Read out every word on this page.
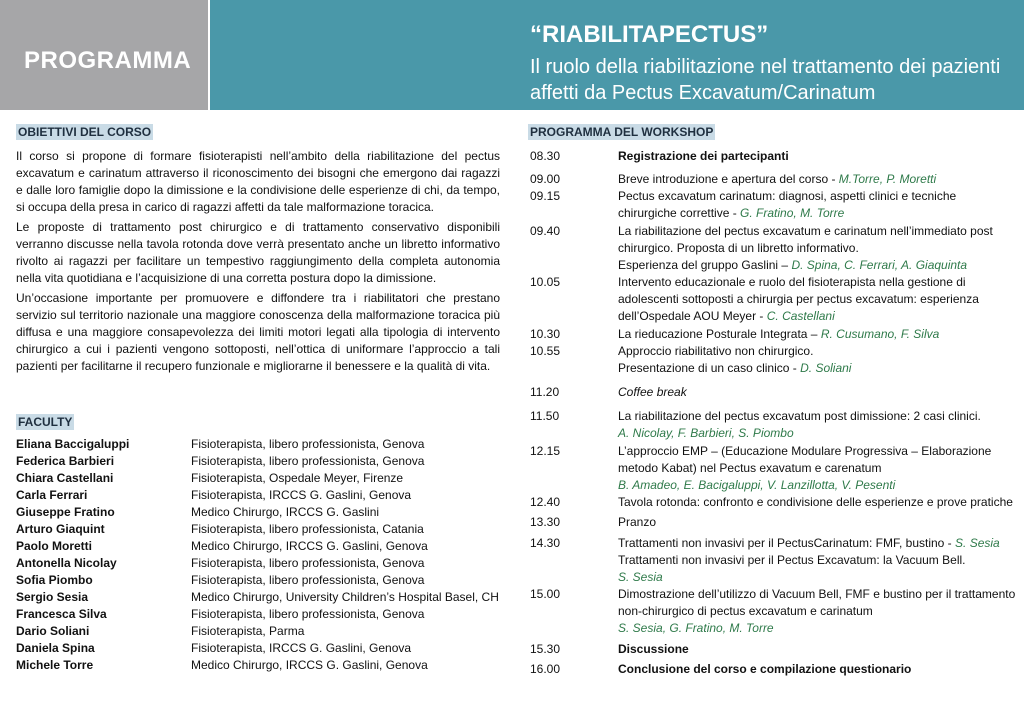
PROGRAMMA
“RIABILITAPECTUS”
Il ruolo della riabilitazione nel trattamento dei pazienti affetti da Pectus Excavatum/Carinatum
OBIETTIVI DEL CORSO

Il corso si propone di formare fisioterapisti nell’ambito della riabilitazione del pectus excavatum e carinatum attraverso il riconoscimento dei bisogni che emergono dai ragazzi e dalle loro famiglie dopo la dimissione e la condivisione delle esperienze di chi, da tempo, si occupa della presa in carico di ragazzi affetti da tale malformazione toracica.

Le proposte di trattamento post chirurgico e di trattamento conservativo disponibili verranno discusse nella tavola rotonda dove verrà presentato anche un libretto informativo rivolto ai ragazzi per facilitare un tempestivo raggiungimento della completa autonomia nella vita quotidiana e l’acquisizione di una corretta postura dopo la dimissione.

Un’occasione importante per promuovere e diffondere tra i riabilitatori che prestano servizio sul territorio nazionale una maggiore conoscenza della malformazione toracica più diffusa e una maggiore consapevolezza dei limiti motori legati alla tipologia di intervento chirurgico a cui i pazienti vengono sottoposti, nell’ottica di uniformare l’approccio a tali pazienti per facilitarne il recupero funzionale e migliorarne il benessere e la qualità di vita.

FACULTY
Eliana Baccigaluppi	Fisioterapista, libero professionista, Genova
Federica Barbieri	Fisioterapista, libero professionista, Genova
Chiara Castellani	Fisioterapista, Ospedale Meyer, Firenze
Carla Ferrari	Fisioterapista, IRCCS G. Gaslini, Genova
Giuseppe Fratino	Medico Chirurgo, IRCCS G. Gaslini
Arturo Giaquint	Fisioterapista, libero professionista, Catania
Paolo Moretti	Medico Chirurgo, IRCCS G. Gaslini, Genova
Antonella Nicolay	Fisioterapista, libero professionista, Genova
Sofia Piombo	Fisioterapista, libero professionista, Genova
Sergio Sesia	Medico Chirurgo, University Children’s Hospital Basel, CH
Francesca Silva	Fisioterapista, libero professionista, Genova
Dario Soliani	Fisioterapista, Parma
Daniela Spina	Fisioterapista, IRCCS G. Gaslini, Genova
Michele Torre	Medico Chirurgo, IRCCS G. Gaslini, Genova
PROGRAMMA DEL WORKSHOP
08.30	Registrazione dei partecipanti
09.00	Breve introduzione e apertura del corso - M.Torre, P. Moretti
09.15	Pectus excavatum carinatum: diagnosi, aspetti clinici e tecniche chirurgiche correttive - G. Fratino, M. Torre
09.40	La riabilitazione del pectus excavatum e carinatum nell’immediato post chirurgico. Proposta di un libretto informativo.
Esperienza del gruppo Gaslini – D. Spina, C. Ferrari, A. Giaquinta
10.05	Intervento educazionale e ruolo del fisioterapista nella gestione di adolescenti sottoposti a chirurgia per pectus excavatum: esperienza dell’Ospedale AOU Meyer - C. Castellani
10.30	La rieducazione Posturale Integrata – R. Cusumano, F. Silva
10.55	Approccio riabilitativo non chirurgico.
Presentazione di un caso clinico - D. Soliani
11.20	Coffee break
11.50	La riabilitazione del pectus excavatum post dimissione: 2 casi clinici.
A. Nicolay, F. Barbieri, S. Piombo
12.15	L’approccio EMP – (Educazione Modulare Progressiva – Elaborazione metodo Kabat) nel Pectus exavatum e carenatum
B. Amadeo, E. Bacigaluppi, V. Lanzillotta, V. Pesenti
12.40	Tavola rotonda: confronto e condivisione delle esperienze e prove pratiche
13.30	Pranzo
14.30	Trattamenti non invasivi per il PectusCarinatum: FMF, bustino - S. Sesia
Trattamenti non invasivi per il Pectus Excavatum: la Vacuum Bell.
S. Sesia
15.00	Dimostrazione dell’utilizzo di Vacuum Bell, FMF e bustino per il trattamento non-chirurgico di pectus excavatum e carinatum
S. Sesia, G. Fratino, M. Torre
15.30	Discussione
16.00	Conclusione del corso e compilazione questionario
